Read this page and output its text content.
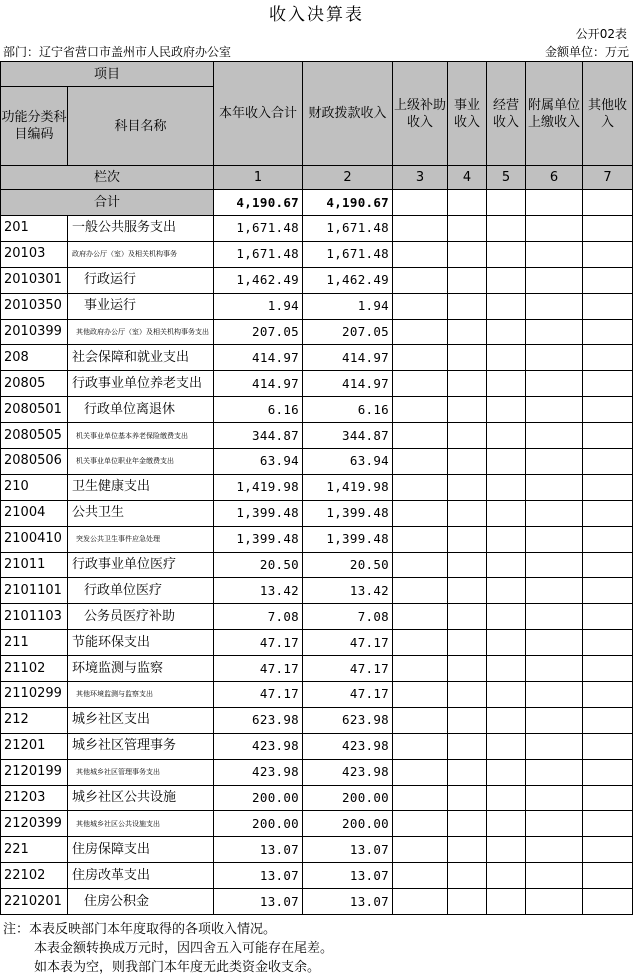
收入决算表
公开02表
部门：辽宁省营口市盖州市人民政府办公室	金额单位：万元
项目		本年收入合计	财政拨款收入	上级补助收入	事业收入	经营收入	附属单位上缴收入	其他收入
功能分类科目编码	科目名称							
栏次		1	2	3	4	5	6	7
合计		4,190.67	4,190.67					
201	一般公共服务支出	1,671.48	1,671.48					
20103	政府办公厅（室）及相关机构事务	1,671.48	1,671.48					
2010301	行政运行	1,462.49	1,462.49					
2010350	事业运行	1.94	1.94					
2010399	其他政府办公厅（室）及相关机构事务支出	207.05	207.05					
208	社会保障和就业支出	414.97	414.97					
20805	行政事业单位养老支出	414.97	414.97					
2080501	行政单位离退休	6.16	6.16					
2080505	机关事业单位基本养老保险缴费支出	344.87	344.87					
2080506	机关事业单位职业年金缴费支出	63.94	63.94					
210	卫生健康支出	1,419.98	1,419.98					
21004	公共卫生	1,399.48	1,399.48					
2100410	突发公共卫生事件应急处理	1,399.48	1,399.48					
21011	行政事业单位医疗	20.50	20.50					
2101101	行政单位医疗	13.42	13.42					
2101103	公务员医疗补助	7.08	7.08					
211	节能环保支出	47.17	47.17					
21102	环境监测与监察	47.17	47.17					
2110299	其他环境监测与监察支出	47.17	47.17					
212	城乡社区支出	623.98	623.98					
21201	城乡社区管理事务	423.98	423.98					
2120199	其他城乡社区管理事务支出	423.98	423.98					
21203	城乡社区公共设施	200.00	200.00					
2120399	其他城乡社区公共设施支出	200.00	200.00					
221	住房保障支出	13.07	13.07					
22102	住房改革支出	13.07	13.07					
2210201	住房公积金	13.07	13.07					
注：本表反映部门本年度取得的各项收入情况。
本表金额转换成万元时，因四舍五入可能存在尾差。
如本表为空，则我部门本年度无此类资金收支余。
